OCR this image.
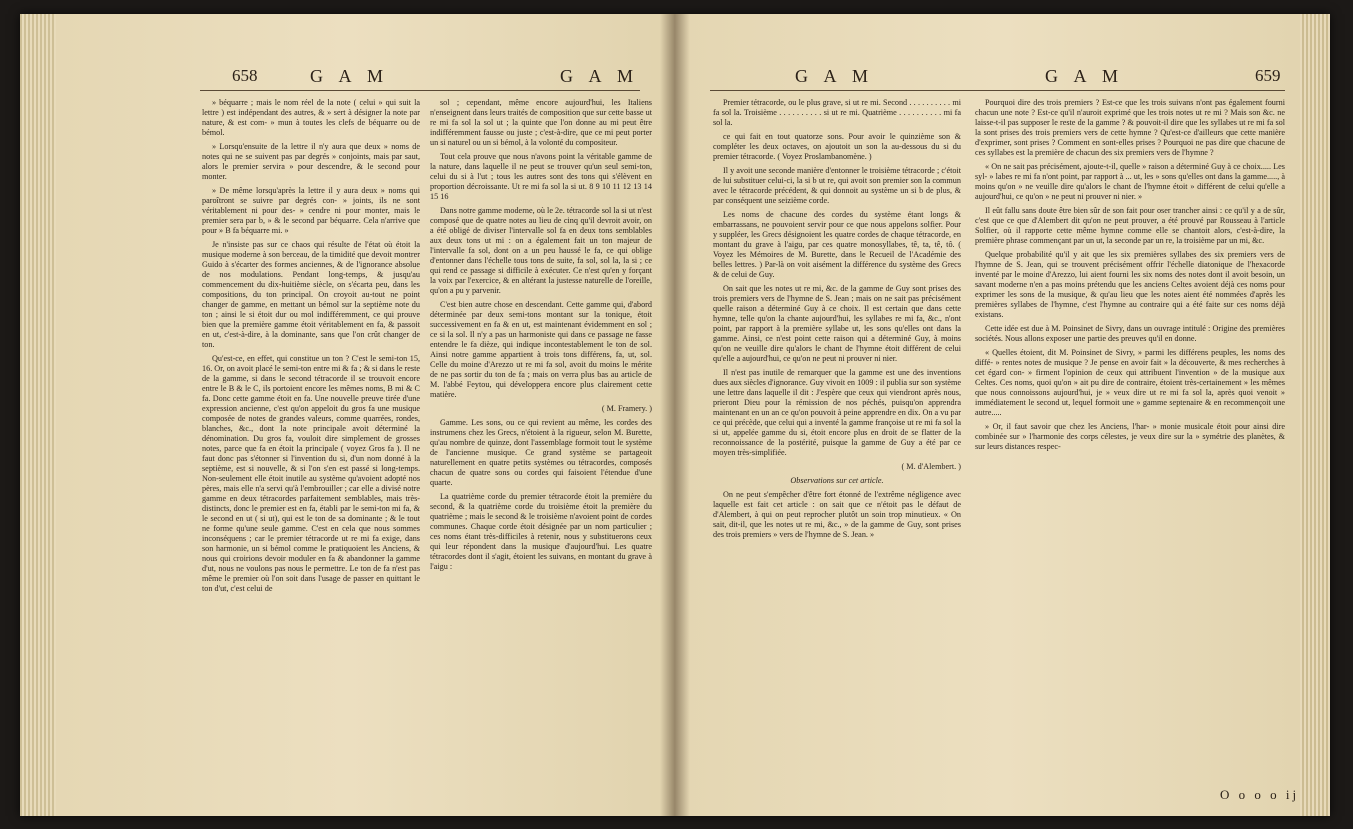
658	G A M	G A M

» béquarre ; mais le nom réel de la note ( celui » qui suit la lettre ) est indépendant des autres, & » sert à désigner la note par nature, & est com- » mun à toutes les clefs de béquarre ou de bémol.

» Lorsqu'ensuite de la lettre il n'y aura que deux » noms de notes qui ne se suivent pas par degrés » conjoints, mais par saut, alors le premier servira » pour descendre, & le second pour monter.

» De même lorsqu'après la lettre il y aura deux » noms qui paroîtront se suivre par degrés con- » joints, ils ne sont véritablement ni pour des- » cendre ni pour monter, mais le premier sera par b, » & le second par béquarre. Cela n'arrive que pour » B fa béquarre mi. »

Je n'insiste pas sur ce chaos qui résulte de l'état où étoit la musique moderne à son berceau, de la timidité que devoit montrer Guido à s'écarter des formes anciennes, & de l'ignorance absolue de nos modulations. Pendant long-temps, & jusqu'au commencement du dix-huitième siècle, on s'écarta peu, dans les compositions, du ton principal. On croyoit au-tout ne point changer de gamme, en mettant un bémol sur la septième note du ton ; ainsi le si étoit dur ou mol indifféremment, ce qui prouve bien que la première gamme étoit véritablement en fa, & passoit en ut, c'est-à-dire, à la dominante, sans que l'on crût changer de ton.

Qu'est-ce, en effet, qui constitue un ton ? C'est le semi-ton 15, 16. Or, on avoit placé le semi-ton entre mi & fa ; & si dans le reste de la gamme, si dans le second tétracorde il se trouvoit encore entre le B & le C, ils portoient encore les mêmes noms, B mi & C fa. Donc cette gamme étoit en fa. Une nouvelle preuve tirée d'une expression ancienne, c'est qu'on appeloit du gros fa une musique composée de notes de grandes valeurs, comme quarrées, rondes, blanches, &c., dont la note principale avoit déterminé la dénomination. Du gros fa, vouloit dire simplement de grosses notes, parce que fa en étoit la principale ( voyez Gros fa ). Il ne faut donc pas s'étonner si l'invention du si, d'un nom donné à la septième, est si nouvelle, & si l'on s'en est passé si long-temps. Non-seulement elle étoit inutile au système qu'avoient adopté nos pères, mais elle n'a servi qu'à l'embrouiller ; car elle a divisé notre gamme en deux tétracordes parfaitement semblables, mais très-distincts, donc le premier est en fa, établi par le semi-ton mi fa, & le second en ut ( si ut), qui est le ton de sa dominante ; & le tout ne forme qu'une seule gamme. C'est en cela que nous sommes inconséquens ; car le premier tétracorde ut re mi fa exige, dans son harmonie, un si bémol comme le pratiquoient les Anciens, & nous qui croirions devoir moduler en fa & abandonner la gamme d'ut, nous ne voulons pas nous le permettre. Le ton de fa n'est pas même le premier où l'on soit dans l'usage de passer en quittant le ton d'ut, c'est celui de

sol ; cependant, même encore aujourd'hui, les Italiens n'enseignent dans leurs traités de composition que sur cette basse ut re mi fa sol la sol ut ; la quinte que l'on donne au mi peut être indifféremment fausse ou juste ; c'est-à-dire, que ce mi peut porter un si naturel ou un si bémol, à la volonté du compositeur.

Tout cela prouve que nous n'avons point la véritable gamme de la nature, dans laquelle il ne peut se trouver qu'un seul semi-ton, celui du si à l'ut ; tous les autres sont des tons qui s'élèvent en proportion décroissante. Ut re mi fa sol la si ut. 8 9 10 11 12 13 14 15 16

Dans notre gamme moderne, où le 2e. tétracorde sol la si ut n'est composé que de quatre notes au lieu de cinq qu'il devroit avoir, on a été obligé de diviser l'intervalle sol fa en deux tons semblables aux deux tons ut mi : on a également fait un ton majeur de l'intervalle fa sol, dont on a un peu haussé le fa, ce qui oblige d'entonner dans l'échelle tous tons de suite, fa sol, sol la, la si ; ce qui rend ce passage si difficile à exécuter. Ce n'est qu'en y forçant la voix par l'exercice, & en altérant la justesse naturelle de l'oreille, qu'on a pu y parvenir.

C'est bien autre chose en descendant. Cette gamme qui, d'abord déterminée par deux semi-tons montant sur la tonique, étoit successivement en fa & en ut, est maintenant évidemment en sol ; ce si la sol. Il n'y a pas un harmoniste qui dans ce passage ne fasse entendre le fa dièze, qui indique incontestablement le ton de sol. Ainsi notre gamme appartient à trois tons différens, fa, ut, sol. Celle du moine d'Arezzo ut re mi fa sol, avoit du moins le mérite de ne pas sortir du ton de fa ; mais on verra plus bas au article de M. l'abbé Feytou, qui développera encore plus clairement cette matière.

( M. Framery. )

Gamme. Les sons, ou ce qui revient au même, les cordes des instrumens chez les Grecs, n'étoient à la rigueur, selon M. Burette, qu'au nombre de quinze, dont l'assemblage formoit tout le système de l'ancienne musique. Ce grand système se partageoit naturellement en quatre petits systèmes ou tétracordes, composés chacun de quatre sons ou cordes qui faisoient l'étendue d'une quarte.

La quatrième corde du premier tétracorde étoit la première du second, & la quatrième corde du troisième étoit la première du quatrième ; mais le second & le troisième n'avoient point de cordes communes. Chaque corde étoit désignée par un nom particulier ; ces noms étant très-difficiles à retenir, nous y substituerons ceux qui leur répondent dans la musique d'aujourd'hui. Les quatre tétracordes dont il s'agit, étoient les suivans, en montant du grave à l'aigu :

G A M	G A M	659

Premier tétracorde, ou le plus grave, si ut re mi. Second . . . . . . . . . . mi fa sol la. Troisième . . . . . . . . . . si ut re mi. Quatrième . . . . . . . . . . mi fa sol la.

ce qui fait en tout quatorze sons. Pour avoir le quinzième son & compléter les deux octaves, on ajoutoit un son la au-dessous du si du premier tétracorde. ( Voyez Proslambanomène. )

Il y avoit une seconde manière d'entonner le troisième tétracorde ; c'étoit de lui substituer celui-ci, la si b ut re, qui avoit son premier son la commun avec le tétracorde précédent, & qui donnoit au système un si b de plus, & par conséquent une seizième corde.

Les noms de chacune des cordes du système étant longs & embarrassans, ne pouvoient servir pour ce que nous appelons solfier. Pour y suppléer, les Grecs désignoient les quatre cordes de chaque tétracorde, en montant du grave à l'aigu, par ces quatre monosyllabes, tê, ta, tê, tô. ( Voyez les Mémoires de M. Burette, dans le Recueil de l'Académie des belles lettres. ) Par-là on voit aisément la différence du système des Grecs & de celui de Guy.

On sait que les notes ut re mi, &c. de la gamme de Guy sont prises des trois premiers vers de l'hymne de S. Jean ; mais on ne sait pas précisément quelle raison a déterminé Guy à ce choix. Il est certain que dans cette hymne, telle qu'on la chante aujourd'hui, les syllabes re mi fa, &c., n'ont point, par rapport à la première syllabe ut, les sons qu'elles ont dans la gamme. Ainsi, ce n'est point cette raison qui a déterminé Guy, à moins qu'on ne veuille dire qu'alors le chant de l'hymne étoit différent de celui qu'elle a aujourd'hui, ce qu'on ne peut ni prouver ni nier.

Il n'est pas inutile de remarquer que la gamme est une des inventions dues aux siècles d'ignorance. Guy vivoit en 1009 : il publia sur son système une lettre dans laquelle il dit : J'espère que ceux qui viendront après nous, prieront Dieu pour la rémission de nos péchés, puisqu'on apprendra maintenant en un an ce qu'on pouvoit à peine apprendre en dix. On a vu par ce qui précède, que celui qui a inventé la gamme françoise ut re mi fa sol la si ut, appelée gamme du si, étoit encore plus en droit de se flatter de la reconnoissance de la postérité, puisque la gamme de Guy a été par ce moyen très-simplifiée.

( M. d'Alembert. )

Observations sur cet article.

On ne peut s'empêcher d'être fort étonné de l'extrême négligence avec laquelle est fait cet article : on sait que ce n'étoit pas le défaut de d'Alembert, à qui on peut reprocher plutôt un soin trop minutieux. « On sait, dit-il, que les notes ut re mi, &c., » de la gamme de Guy, sont prises des trois premiers » vers de l'hymne de S. Jean. »

Pourquoi dire des trois premiers ? Est-ce que les trois suivans n'ont pas également fourni chacun une note ? Est-ce qu'il n'auroit exprimé que les trois notes ut re mi ? Mais son &c. ne laisse-t-il pas supposer le reste de la gamme ? & pouvoit-il dire que les syllabes ut re mi fa sol la sont prises des trois premiers vers de cette hymne ? Qu'est-ce d'ailleurs que cette manière d'exprimer, sont prises ? Comment en sont-elles prises ? Pourquoi ne pas dire que chacune de ces syllabes est la première de chacun des six premiers vers de l'hymne ?

« On ne sait pas précisément, ajoute-t-il, quelle » raison a déterminé Guy à ce choix..... Les syl- » labes re mi fa n'ont point, par rapport à ... ut, les » sons qu'elles ont dans la gamme....., à moins qu'on » ne veuille dire qu'alors le chant de l'hymne étoit » différent de celui qu'elle a aujourd'hui, ce qu'on » ne peut ni prouver ni nier. »

Il eût fallu sans doute être bien sûr de son fait pour oser trancher ainsi : ce qu'il y a de sûr, c'est que ce que d'Alembert dit qu'on ne peut prouver, a été prouvé par Rousseau à l'article Solfier, où il rapporte cette même hymne comme elle se chantoit alors, c'est-à-dire, la première phrase commençant par un ut, la seconde par un re, la troisième par un mi, &c.

Quelque probabilité qu'il y ait que les six premières syllabes des six premiers vers de l'hymne de S. Jean, qui se trouvent précisément offrir l'échelle diatonique de l'hexacorde inventé par le moine d'Arezzo, lui aient fourni les six noms des notes dont il avoit besoin, un savant moderne n'en a pas moins prétendu que les anciens Celtes avoient déjà ces noms pour exprimer les sons de la musique, & qu'au lieu que les notes aient été nommées d'après les premières syllabes de l'hymne, c'est l'hymne au contraire qui a été faite sur ces noms déjà existans.

Cette idée est due à M. Poinsinet de Sivry, dans un ouvrage intitulé : Origine des premières sociétés. Nous allons exposer une partie des preuves qu'il en donne.

« Quelles étoient, dit M. Poinsinet de Sivry, » parmi les différens peuples, les noms des diffé- » rentes notes de musique ? Je pense en avoir fait » la découverte, & mes recherches à cet égard con- » firment l'opinion de ceux qui attribuent l'invention » de la musique aux Celtes. Ces noms, quoi qu'on » ait pu dire de contraire, étoient très-certainement » les mêmes que nous connoissons aujourd'hui, je » veux dire ut re mi fa sol la, après quoi venoit » immédiatement le second ut, lequel formoit une » gamme septenaire & en recommençoit une autre.....

» Or, il faut savoir que chez les Anciens, l'har- » monie musicale étoit pour ainsi dire combinée sur » l'harmonie des corps célestes, je veux dire sur la » symétrie des planètes, & sur leurs distances respec-

O o o o ij
